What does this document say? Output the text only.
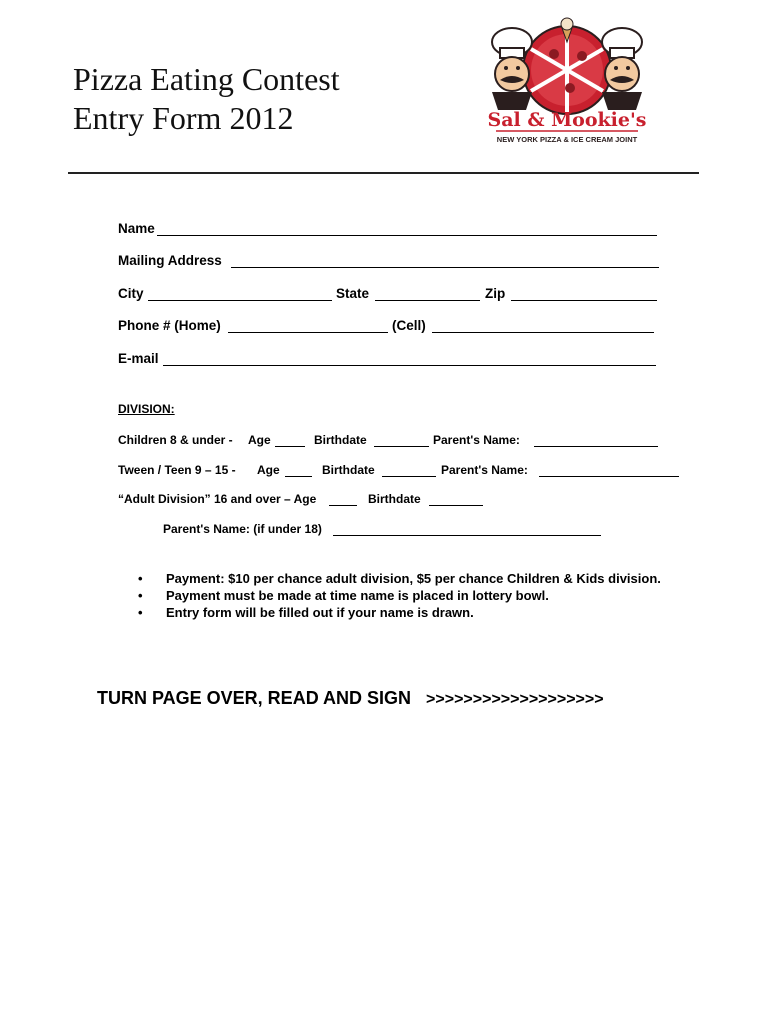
Pizza Eating Contest
Entry Form 2012	Sal & Mookie's
NEW YORK PIZZA & ICE CREAM JOINT
Name
Mailing Address
City	State	Zip
Phone # (Home)	(Cell)
E-mail
DIVISION:
Children 8 & under - Age	Birthdate	Parent's Name:
Tween / Teen 9 – 15 - Age	Birthdate	Parent's Name:
“Adult Division” 16 and over – Age	Birthdate
Parent's Name: (if under 18)
• Payment: $10 per chance adult division, $5 per chance Children & Kids division.
• Payment must be made at time name is placed in lottery bowl.
• Entry form will be filled out if your name is drawn.
TURN PAGE OVER, READ AND SIGN >>>>>>>>>>>>>>>>>>>
